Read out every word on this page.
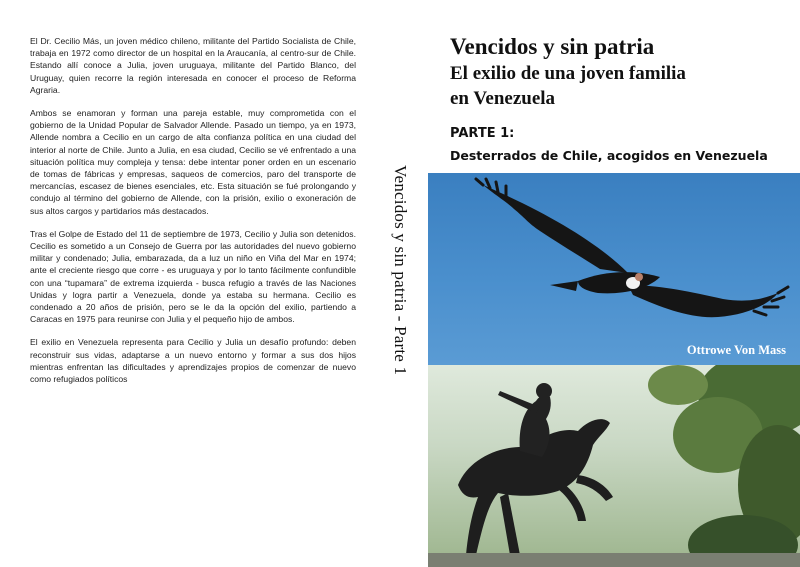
El Dr. Cecilio Más, un joven médico chileno, militante del Partido Socialista de Chile, trabaja en 1972 como director de un hospital en la Araucanía, al centro-sur de Chile. Estando allí conoce a Julia, joven uruguaya, militante del Partido Blanco, del Uruguay, quien recorre la región interesada en conocer el proceso de Reforma Agraria.

Ambos se enamoran y forman una pareja estable, muy comprometida con el gobierno de la Unidad Popular de Salvador Allende. Pasado un tiempo, ya en 1973, Allende nombra a Cecilio en un cargo de alta confianza política en una ciudad del interior al norte de Chile. Junto a Julia, en esa ciudad, Cecilio se vé enfrentado a una situación política muy compleja y tensa: debe intentar poner orden en un escenario de tomas de fábricas y empresas, saqueos de comercios, paro del transporte de mercancías, escasez de bienes esenciales, etc. Esta situación se fué prolongando y condujo al término del gobierno de Allende, con la prisión, exilio o exoneración de sus altos cargos y partidarios más destacados.

Tras el Golpe de Estado del 11 de septiembre de 1973, Cecilio y Julia son detenidos. Cecilio es sometido a un Consejo de Guerra por las autoridades del nuevo gobierno militar y condenado; Julia, embarazada, da a luz un niño en Viña del Mar en 1974; ante el creciente riesgo que corre - es uruguaya y por lo tanto fácilmente confundible con una “tupamara” de extrema izquierda - busca refugio a través de las Naciones Unidas y logra partir a Venezuela, donde ya estaba su hermana. Cecilio es condenado a 20 años de prisión, pero se le da la opción del exilio, partiendo a Caracas en 1975 para reunirse con Julia y el pequeño hijo de ambos.

El exilio en Venezuela representa para Cecilio y Julia un desafío profundo: deben reconstruir sus vidas, adaptarse a un nuevo entorno y formar a sus dos hijos mientras enfrentan las dificultades y aprendizajes propios de comenzar de nuevo como refugiados políticos

Vencidos y sin patria - Parte 1
Vencidos y sin patria
El exilio de una joven familia
en Venezuela
PARTE 1:
Desterrados de Chile, acogidos en Venezuela
Ottrowe Von Mass
